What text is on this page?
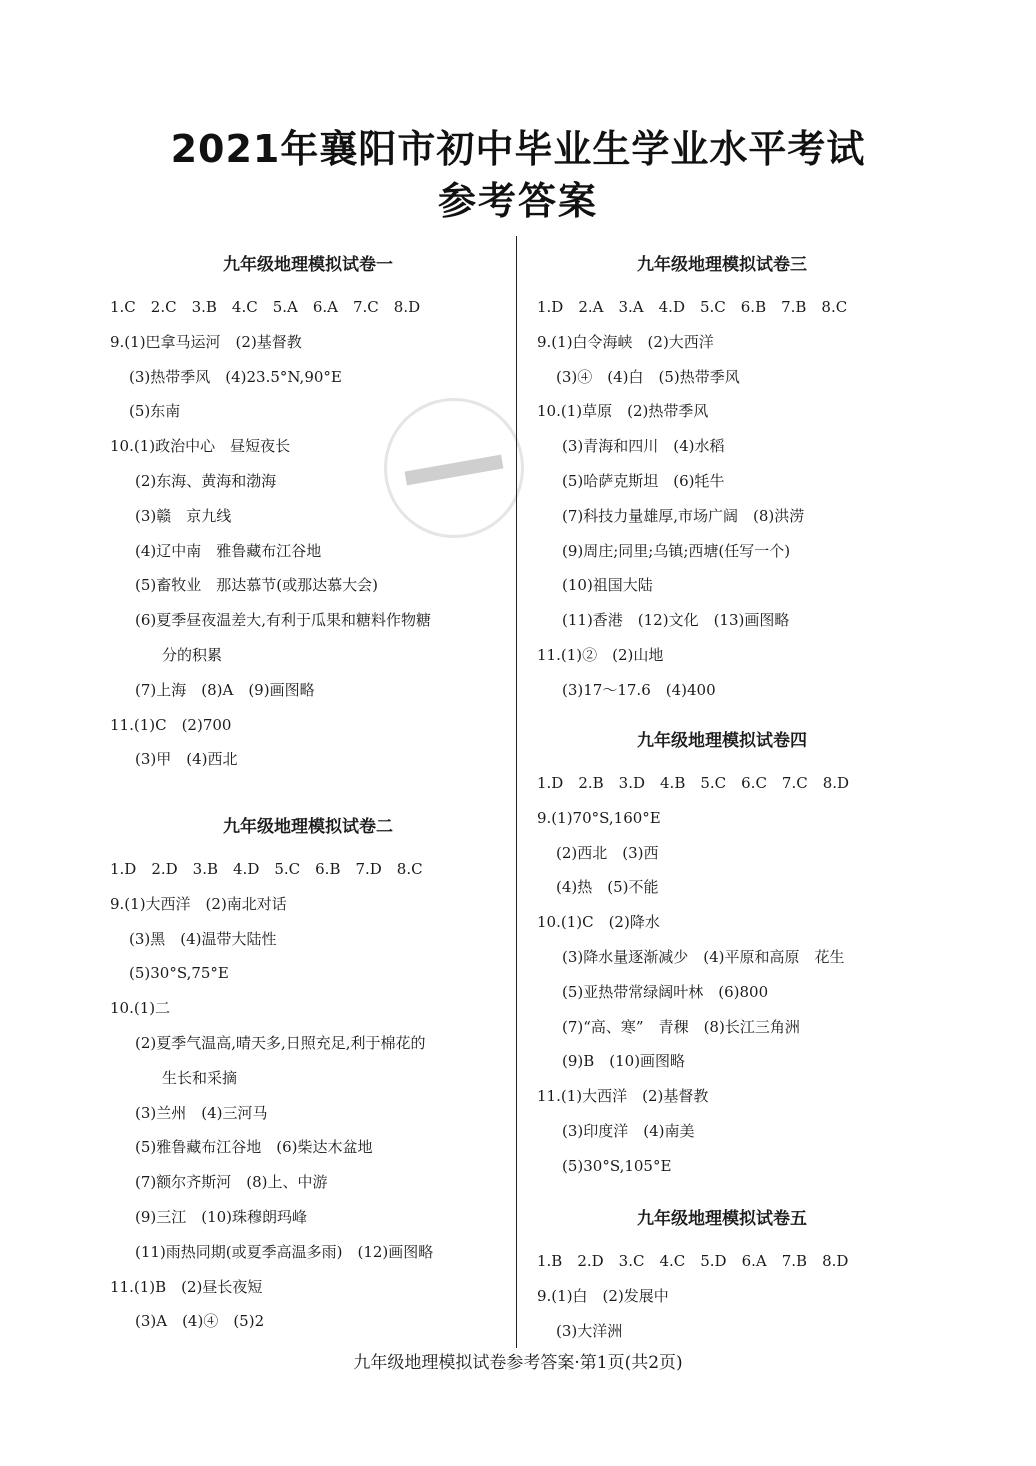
2021年襄阳市初中毕业生学业水平考试
参考答案
九年级地理模拟试卷一
1.C　2.C　3.B　4.C　5.A　6.A　7.C　8.D
9.(1)巴拿马运河　(2)基督教
(3)热带季风　(4)23.5°N,90°E
(5)东南
10.(1)政治中心　昼短夜长
(2)东海、黄海和渤海
(3)赣　京九线
(4)辽中南　雅鲁藏布江谷地
(5)畜牧业　那达慕节(或那达慕大会)
(6)夏季昼夜温差大,有利于瓜果和糖料作物糖
分的积累
(7)上海　(8)A　(9)画图略
11.(1)C　(2)700
(3)甲　(4)西北
九年级地理模拟试卷二
1.D　2.D　3.B　4.D　5.C　6.B　7.D　8.C
9.(1)大西洋　(2)南北对话
(3)黑　(4)温带大陆性
(5)30°S,75°E
10.(1)二
(2)夏季气温高,晴天多,日照充足,利于棉花的
生长和采摘
(3)兰州　(4)三河马
(5)雅鲁藏布江谷地　(6)柴达木盆地
(7)额尔齐斯河　(8)上、中游
(9)三江　(10)珠穆朗玛峰
(11)雨热同期(或夏季高温多雨)　(12)画图略
11.(1)B　(2)昼长夜短
(3)A　(4)④　(5)2
九年级地理模拟试卷三
1.D　2.A　3.A　4.D　5.C　6.B　7.B　8.C
9.(1)白令海峡　(2)大西洋
(3)④　(4)白　(5)热带季风
10.(1)草原　(2)热带季风
(3)青海和四川　(4)水稻
(5)哈萨克斯坦　(6)牦牛
(7)科技力量雄厚,市场广阔　(8)洪涝
(9)周庄;同里;乌镇;西塘(任写一个)
(10)祖国大陆
(11)香港　(12)文化　(13)画图略
11.(1)②　(2)山地
(3)17～17.6　(4)400
九年级地理模拟试卷四
1.D　2.B　3.D　4.B　5.C　6.C　7.C　8.D
9.(1)70°S,160°E
(2)西北　(3)西
(4)热　(5)不能
10.(1)C　(2)降水
(3)降水量逐渐减少　(4)平原和高原　花生
(5)亚热带常绿阔叶林　(6)800
(7)“高、寒”　青稞　(8)长江三角洲
(9)B　(10)画图略
11.(1)大西洋　(2)基督教
(3)印度洋　(4)南美
(5)30°S,105°E
九年级地理模拟试卷五
1.B　2.D　3.C　4.C　5.D　6.A　7.B　8.D
9.(1)白　(2)发展中
(3)大洋洲
九年级地理模拟试卷参考答案·第1页(共2页)
